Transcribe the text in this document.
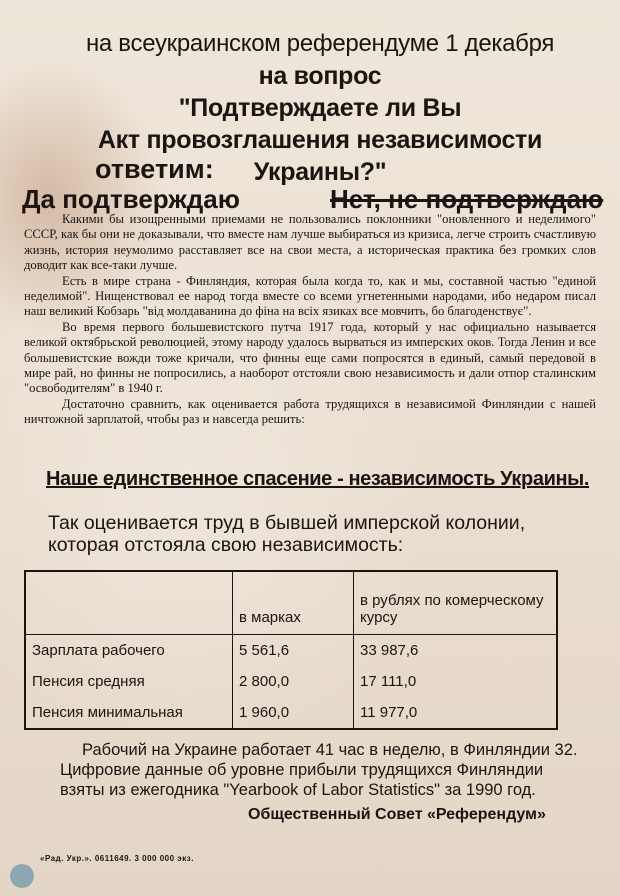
на всеукраинском референдуме 1 декабря
на вопрос
"Подтверждаете ли Вы
Акт провозглашения независимости
Украины?"
ответим:
Да подтверждаю	Нет, не подтверждаю

Какими бы изощренными приемами не пользовались поклонники "оновленного и неделимого" СССР, как бы они не доказывали, что вместе нам лучше выбираться из кризиса, легче строить счастливую жизнь, история неумолимо расставляет все на свои места, а историческая практика без громких слов доводит как все-таки лучше.

Есть в мире страна - Финляндия, которая была когда то, как и мы, составной частью "единой неделимой". Нищенствовал ее народ тогда вместе со всеми угнетенными народами, ибо недаром писал наш великий Кобзарь "від молдаванина до фіна на всіх язиках все мовчить, бо благоденствує".

Во время первого большевистского путча 1917 года, который у нас официально называется великой октябрьской революцией, этому народу удалось вырваться из имперских оков. Тогда Ленин и все большевистские вожди тоже кричали, что финны еще сами попросятся в единый, самый передовой в мире рай, но финны не попросились, а наоборот отстояли свою независимость и дали отпор сталинским "освободителям" в 1940 г.

Достаточно сравнить, как оценивается работа трудящихся в независимой Финляндии с нашей ничтожной зарплатой, чтобы раз и навсегда решить:

Наше единственное спасение - независимость Украины.
Так оценивается труд в бывшей имперской колонии, которая отстояла свою независимость:
	в марках	в рублях по комерческому курсу
Зарплата рабочего	5 561,6	33 987,6
Пенсия средняя	2 800,0	17 111,0
Пенсия минимальная	1 960,0	11 977,0

Рабочий на Украине работает 41 час в неделю, в Финляндии 32.

Цифровие данные об уровне прибыли трудящихся Финляндии взяты из ежегодника "Yearbook of Labor Statistics" за 1990 год.

Общественный Совет «Референдум»
«Рад. Укр.». 0611649. 3 000 000 экз.
